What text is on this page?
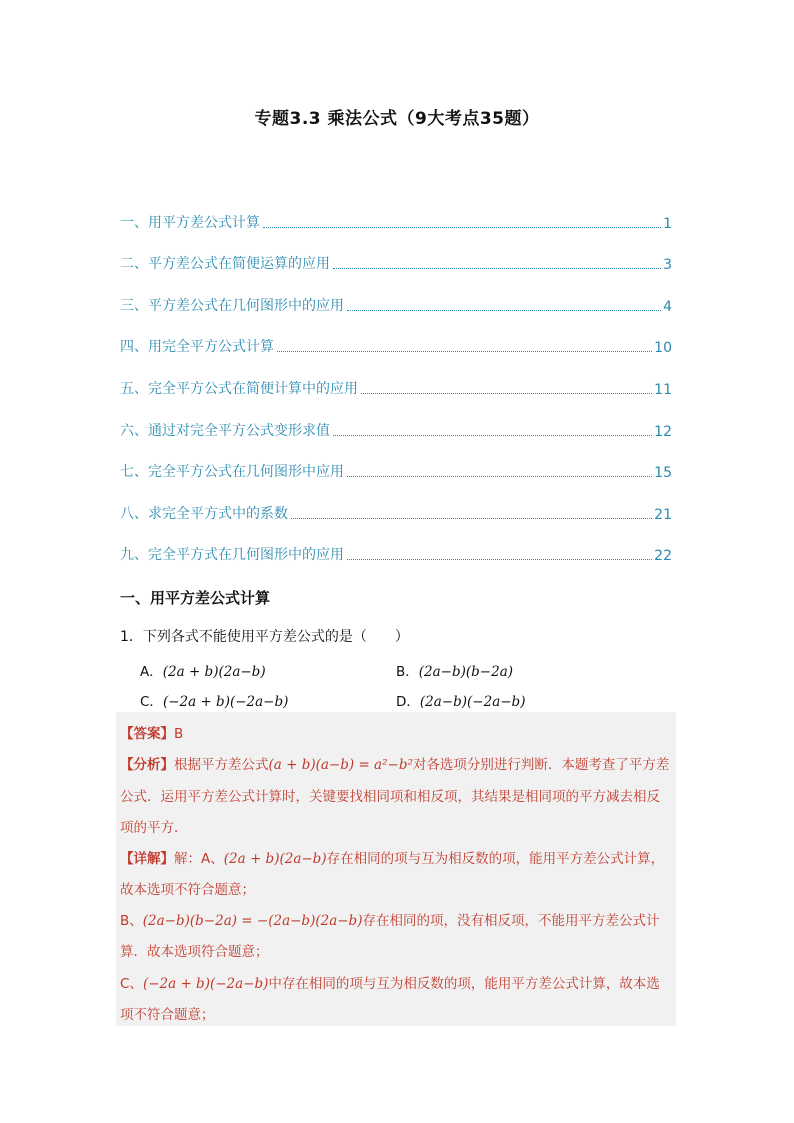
专题3.3 乘法公式（9大考点35题）
一、用平方差公式计算	1
二、平方差公式在简便运算的应用	3
三、平方差公式在几何图形中的应用	4
四、用完全平方公式计算	10
五、完全平方公式在简便计算中的应用	11
六、通过对完全平方公式变形求值	12
七、完全平方公式在几何图形中应用	15
八、求完全平方式中的系数	21
九、完全平方式在几何图形中的应用	22
一、用平方差公式计算
1．下列各式不能使用平方差公式的是（　　）
A．(2a + b)(2a−b)	B．(2a−b)(b−2a)
C．(−2a + b)(−2a−b)	D．(2a−b)(−2a−b)
【答案】B
【分析】根据平方差公式(a + b)(a−b) = a²−b²对各选项分别进行判断．本题考查了平方差
公式．运用平方差公式计算时，关键要找相同项和相反项，其结果是相同项的平方减去相反
项的平方．
【详解】解：A、(2a + b)(2a−b)存在相同的项与互为相反数的项，能用平方差公式计算，
故本选项不符合题意；
B、(2a−b)(b−2a) = −(2a−b)(2a−b)存在相同的项，没有相反项，不能用平方差公式计
算．故本选项符合题意；
C、(−2a + b)(−2a−b)中存在相同的项与互为相反数的项，能用平方差公式计算，故本选
项不符合题意；
